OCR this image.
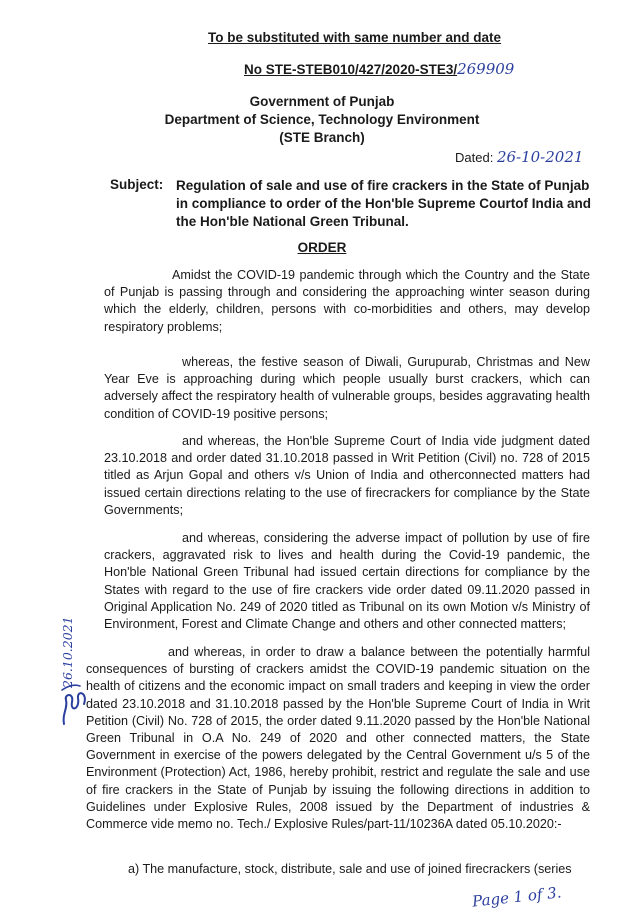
To be substituted with same number and date
No STE-STEB010/427/2020-STE3/269909
Government of Punjab
Department of Science, Technology Environment
(STE Branch)
Dated: 26-10-2021
Subject: Regulation of sale and use of fire crackers in the State of Punjab in compliance to order of the Hon'ble Supreme Courtof India and the Hon'ble National Green Tribunal.
ORDER
Amidst the COVID-19 pandemic through which the Country and the State of Punjab is passing through and considering the approaching winter season during which the elderly, children, persons with co-morbidities and others, may develop respiratory problems;
whereas, the festive season of Diwali, Gurupurab, Christmas and New Year Eve is approaching during which people usually burst crackers, which can adversely affect the respiratory health of vulnerable groups, besides aggravating health condition of COVID-19 positive persons;
and whereas, the Hon'ble Supreme Court of India vide judgment dated 23.10.2018 and order dated 31.10.2018 passed in Writ Petition (Civil) no. 728 of 2015 titled as Arjun Gopal and others v/s Union of India and otherconnected matters had issued certain directions relating to the use of firecrackers for compliance by the State Governments;
and whereas, considering the adverse impact of pollution by use of fire crackers, aggravated risk to lives and health during the Covid-19 pandemic, the Hon'ble National Green Tribunal had issued certain directions for compliance by the States with regard to the use of fire crackers vide order dated 09.11.2020 passed in Original Application No. 249 of 2020 titled as Tribunal on its own Motion v/s Ministry of Environment, Forest and Climate Change and others and other connected matters;
and whereas, in order to draw a balance between the potentially harmful consequences of bursting of crackers amidst the COVID-19 pandemic situation on the health of citizens and the economic impact on small traders and keeping in view the order dated 23.10.2018 and 31.10.2018 passed by the Hon'ble Supreme Court of India in Writ Petition (Civil) No. 728 of 2015, the order dated 9.11.2020 passed by the Hon'ble National Green Tribunal in O.A No. 249 of 2020 and other connected matters, the State Government in exercise of the powers delegated by the Central Government u/s 5 of the Environment (Protection) Act, 1986, hereby prohibit, restrict and regulate the sale and use of fire crackers in the State of Punjab by issuing the following directions in addition to Guidelines under Explosive Rules, 2008 issued by the Department of industries & Commerce vide memo no. Tech./ Explosive Rules/part-11/10236A dated 05.10.2020:-
a) The manufacture, stock, distribute, sale and use of joined firecrackers (series
26.10.2021
Page 1 of 3.
